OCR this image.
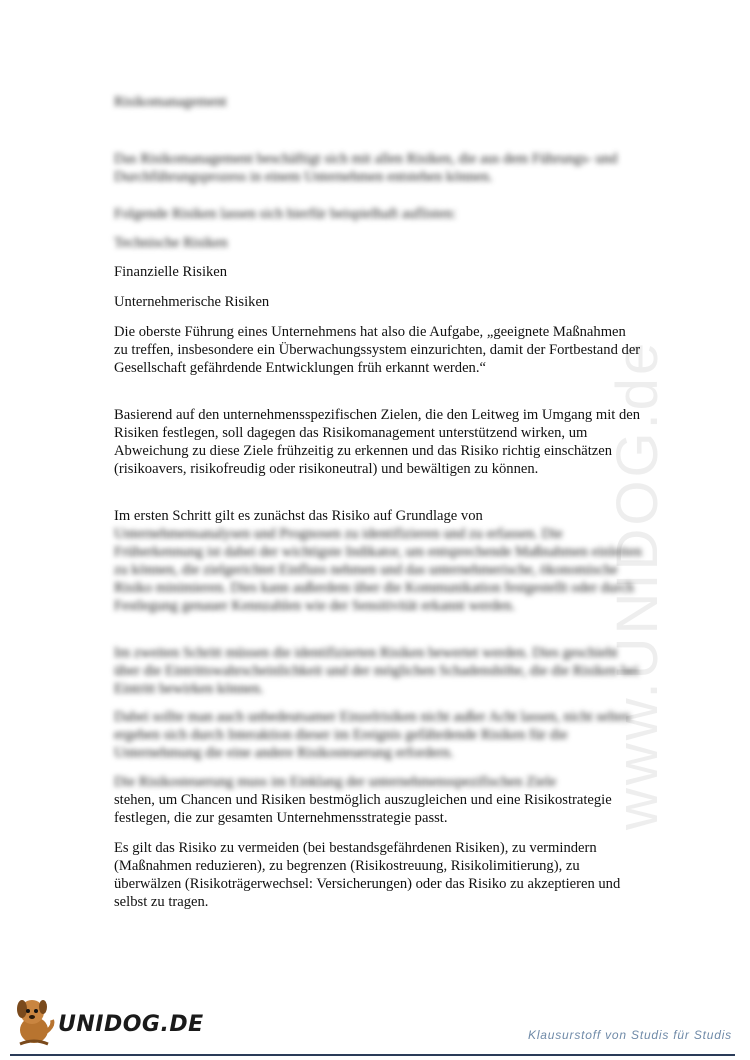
www.UNIDOG.de

Risikomanagement

Das Risikomanagement beschäftigt sich mit allen Risiken, die aus dem Führungs- und Durchführungsprozess in einem Unternehmen entstehen können.

Folgende Risiken lassen sich hierfür beispielhaft auflisten:

Technische Risiken

Finanzielle Risiken

Unternehmerische Risiken

Die oberste Führung eines Unternehmens hat also die Aufgabe, „geeignete Maßnahmen zu treffen, insbesondere ein Überwachungssystem einzurichten, damit der Fortbestand der Gesellschaft gefährdende Entwicklungen früh erkannt werden.“

Basierend auf den unternehmensspezifischen Zielen, die den Leitweg im Umgang mit den Risiken festlegen, soll dagegen das Risikomanagement unterstützend wirken, um Abweichung zu diese Ziele frühzeitig zu erkennen und das Risiko richtig einschätzen (risikoavers, risikofreudig oder risikoneutral) und bewältigen zu können.

Im ersten Schritt gilt es zunächst das Risiko auf Grundlage von

Unternehmensanalysen und Prognosen zu identifizieren und zu erfassen. Die Früherkennung ist dabei der wichtigste Indikator, um entsprechende Maßnahmen einleiten zu können, die zielgerichtet Einfluss nehmen und das unternehmerische, ökonomische Risiko minimieren. Dies kann außerdem über die Kommunikation festgestellt oder durch Festlegung genauer Kennzahlen wie der Sensitivität erkannt werden.

Im zweiten Schritt müssen die identifizierten Risiken bewertet werden. Dies geschieht über die Eintrittswahrscheinlichkeit und der möglichen Schadenshöhe, die die Risiken bei Eintritt bewirken können.

Dabei sollte man auch unbedeutsamer Einzelrisiken nicht außer Acht lassen, nicht selten ergeben sich durch Interaktion dieser im Ereignis gefährdende Risiken für die Unternehmung die eine andere Risikosteuerung erfordern.

Die Risikosteuerung muss im Einklang der unternehmensspezifischen Ziele

stehen, um Chancen und Risiken bestmöglich auszugleichen und eine Risikostrategie festlegen, die zur gesamten Unternehmensstrategie passt.

Es gilt das Risiko zu vermeiden (bei bestandsgefährdenen Risiken), zu vermindern (Maßnahmen reduzieren), zu begrenzen (Risikostreuung, Risikolimitierung), zu überwälzen (Risikoträgerwechsel: Versicherungen) oder das Risiko zu akzeptieren und selbst zu tragen.

UNIDOG.DE	Klausurstoff von Studis für Studis
